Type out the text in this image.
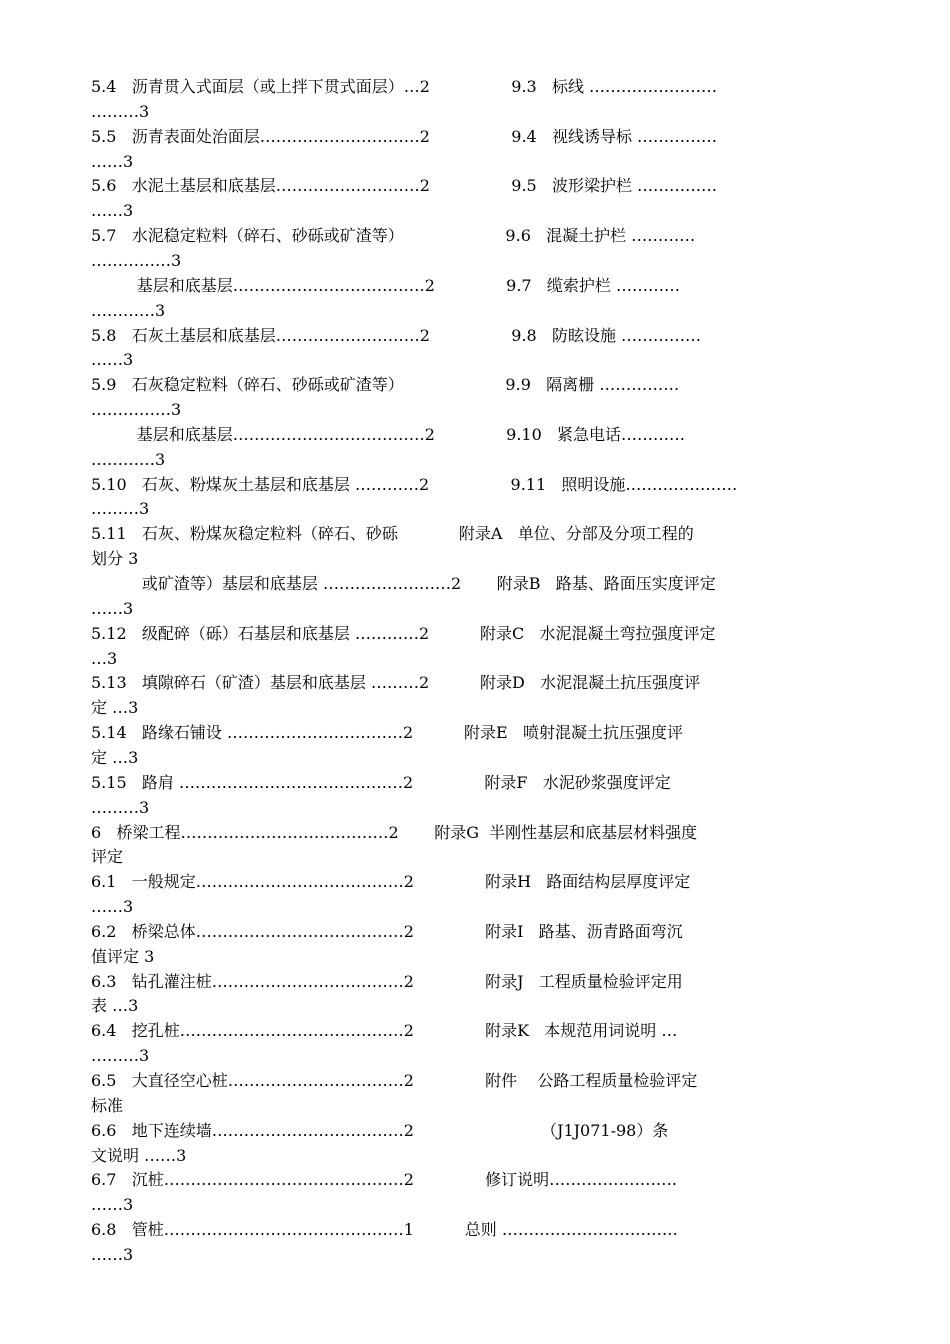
5.4   沥青贯入式面层（或上拌下贯式面层）…2                9.3   标线 ……………………
………3
5.5   沥青表面处治面层…………………………2                9.4   视线诱导标 ……………
……3
5.6   水泥土基层和底基层………………………2                9.5   波形梁护栏 ……………
……3
5.7   水泥稳定粒料（碎石、砂砾或矿渣等）                    9.6   混凝土护栏 …………
……………3
基层和底基层………………………………2              9.7   缆索护栏 …………
…………3
5.8   石灰土基层和底基层………………………2                9.8   防眩设施 ……………
……3
5.9   石灰稳定粒料（碎石、砂砾或矿渣等）                    9.9   隔离栅 ……………
……………3
基层和底基层………………………………2              9.10   紧急电话…………
…………3
5.10   石灰、粉煤灰土基层和底基层 …………2                9.11   照明设施…………………
………3
5.11   石灰、粉煤灰稳定粒料（碎石、砂砾            附录A   单位、分部及分项工程的
划分 3
或矿渣等）基层和底基层 ……………………2       附录B   路基、路面压实度评定
……3
5.12   级配碎（砾）石基层和底基层 …………2          附录C   水泥混凝土弯拉强度评定
…3
5.13   填隙碎石（矿渣）基层和底基层 ………2          附录D   水泥混凝土抗压强度评
定 …3
5.14   路缘石铺设 ……………………………2          附录E   喷射混凝土抗压强度评
定 …3
5.15   路肩 ……………………………………2              附录F   水泥砂浆强度评定
………3
6   桥梁工程…………………………………2       附录G  半刚性基层和底基层材料强度
评定
6.1   一般规定…………………………………2              附录H   路面结构层厚度评定
……3
6.2   桥梁总体…………………………………2              附录I   路基、沥青路面弯沉
值评定 3
6.3   钻孔灌注桩………………………………2              附录J   工程质量检验评定用
表 …3
6.4   挖孔桩……………………………………2              附录K   本规范用词说明 …
………3
6.5   大直径空心桩……………………………2              附件    公路工程质量检验评定
标准
6.6   地下连续墙………………………………2                         （J1J071-98）条
文说明 ……3
6.7   沉桩………………………………………2              修订说明……………………
……3
6.8   管桩………………………………………1          总则 ……………………………
……3
